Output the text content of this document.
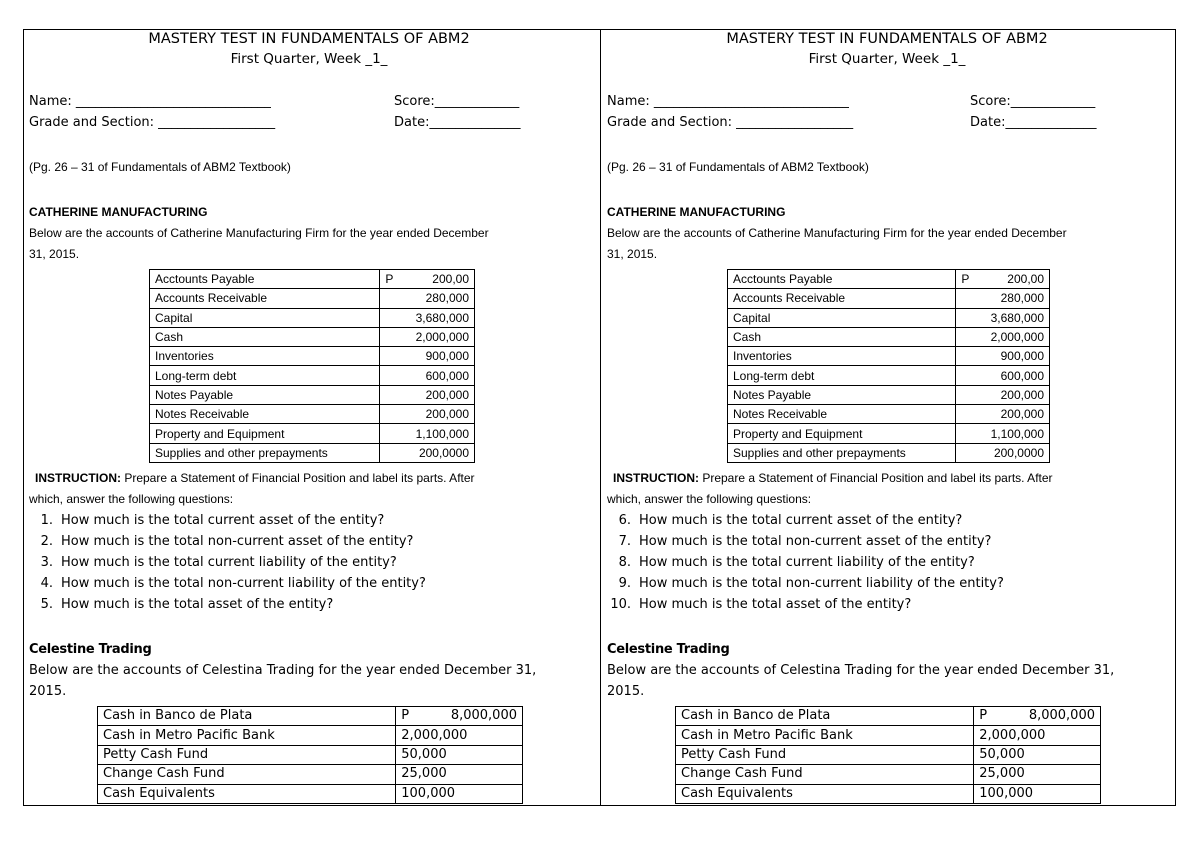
MASTERY TEST IN FUNDAMENTALS OF ABM2
First Quarter, Week _1_
Name: ______________________________	Score:_____________
Grade and Section: __________________	Date:______________
(Pg. 26 – 31 of Fundamentals of ABM2 Textbook)
CATHERINE MANUFACTURING
Below are the accounts of Catherine Manufacturing Firm for the year ended December
31, 2015.
Acctounts Payable	P 200,00

Accounts Receivable	280,000
Capital	3,680,000
Cash	2,000,000
Inventories	900,000
Long-term debt	600,000
Notes Payable	200,000
Notes Receivable	200,000
Property and Equipment	1,100,000
Supplies and other prepayments	200,0000
INSTRUCTION: Prepare a Statement of Financial Position and label its parts. After
which, answer the following questions:
1. How much is the total current asset of the entity?
2. How much is the total non-current asset of the entity?
3. How much is the total current liability of the entity?
4. How much is the total non-current liability of the entity?
5. How much is the total asset of the entity?
Celestine Trading
Below are the accounts of Celestina Trading for the year ended December 31,
2015.
Cash in Banco de Plata	P 8,000,000

Cash in Metro Pacific Bank	2,000,000
Petty Cash Fund	50,000
Change Cash Fund	25,000
Cash Equivalents	100,000
MASTERY TEST IN FUNDAMENTALS OF ABM2
First Quarter, Week _1_
Name: ______________________________	Score:_____________
Grade and Section: __________________	Date:______________
(Pg. 26 – 31 of Fundamentals of ABM2 Textbook)
CATHERINE MANUFACTURING
Below are the accounts of Catherine Manufacturing Firm for the year ended December
31, 2015.
Acctounts Payable	P 200,00

Accounts Receivable	280,000
Capital	3,680,000
Cash	2,000,000
Inventories	900,000
Long-term debt	600,000
Notes Payable	200,000
Notes Receivable	200,000
Property and Equipment	1,100,000
Supplies and other prepayments	200,0000
INSTRUCTION: Prepare a Statement of Financial Position and label its parts. After
which, answer the following questions:
6. How much is the total current asset of the entity?
7. How much is the total non-current asset of the entity?
8. How much is the total current liability of the entity?
9. How much is the total non-current liability of the entity?
10. How much is the total asset of the entity?
Celestine Trading
Below are the accounts of Celestina Trading for the year ended December 31,
2015.
Cash in Banco de Plata	P 8,000,000

Cash in Metro Pacific Bank	2,000,000
Petty Cash Fund	50,000
Change Cash Fund	25,000
Cash Equivalents	100,000
